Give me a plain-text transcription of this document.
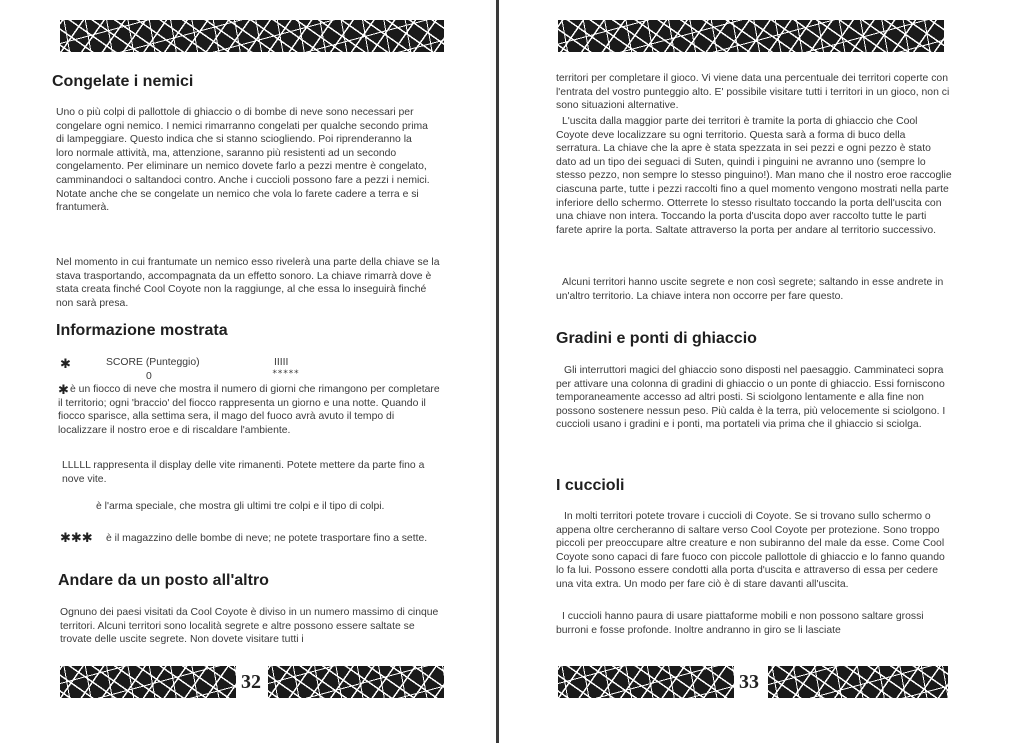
Congelate i nemici

Uno o più colpi di pallottole di ghiaccio o di bombe di neve sono necessari per congelare ogni nemico. I nemici rimarranno congelati per qualche secondo prima di lampeggiare. Questo indica che si stanno sciogliendo. Poi riprenderanno la loro normale attività, ma, attenzione, saranno più resistenti ad un secondo congelamento. Per eliminare un nemico dovete farlo a pezzi mentre è congelato, camminandoci o saltandoci contro. Anche i cuccioli possono fare a pezzi i nemici. Notate anche che se congelate un nemico che vola lo farete cadere a terra e si frantumerà.

Nel momento in cui frantumate un nemico esso rivelerà una parte della chiave se la stava trasportando, accompagnata da un effetto sonoro. La chiave rimarrà dove è stata creata finché Cool Coyote non la raggiunge, al che essa lo inseguirà finché non sarà presa.

Informazione mostrata
✱	SCORE (Punteggio)

0

IIIII

*****

✱ è un fiocco di neve che mostra il numero di giorni che rimangono per completare il territorio; ogni 'braccio' del fiocco rappresenta un giorno e una notte. Quando il fiocco sparisce, alla settima sera, il mago del fuoco avrà avuto il tempo di localizzare il nostro eroe e di riscaldare l'ambiente.

LLLLL rappresenta il display delle vite rimanenti. Potete mettere da parte fino a nove vite.

è l'arma speciale, che mostra gli ultimi tre colpi e il tipo di colpi.

✱✱✱ è il magazzino delle bombe di neve; ne potete trasportare fino a sette.

Andare da un posto all'altro

Ognuno dei paesi visitati da Cool Coyote è diviso in un numero massimo di cinque territori. Alcuni territori sono località segrete e altre possono essere saltate se trovate delle uscite segrete. Non dovete visitare tutti i

32

territori per completare il gioco. Vi viene data una percentuale dei territori coperte con l'entrata del vostro punteggio alto. E' possibile visitare tutti i territori in un gioco, non ci sono situazioni alternative.

L'uscita dalla maggior parte dei territori è tramite la porta di ghiaccio che Cool Coyote deve localizzare su ogni territorio. Questa sarà a forma di buco della serratura. La chiave che la apre è stata spezzata in sei pezzi e ogni pezzo è stato dato ad un tipo dei seguaci di Suten, quindi i pinguini ne avranno uno (sempre lo stesso pezzo, non sempre lo stesso pinguino!). Man mano che il nostro eroe raccoglie ciascuna parte, tutte i pezzi raccolti fino a quel momento vengono mostrati nella parte inferiore dello schermo. Otterrete lo stesso risultato toccando la porta dell'uscita con una chiave non intera. Toccando la porta d'uscita dopo aver raccolto tutte le parti farete aprire la porta. Saltate attraverso la porta per andare al territorio successivo.

Alcuni territori hanno uscite segrete e non così segrete; saltando in esse andrete in un'altro territorio. La chiave intera non occorre per fare questo.

Gradini e ponti di ghiaccio

Gli interruttori magici del ghiaccio sono disposti nel paesaggio. Camminateci sopra per attivare una colonna di gradini di ghiaccio o un ponte di ghiaccio. Essi forniscono temporaneamente accesso ad altri posti. Si sciolgono lentamente e alla fine non possono sostenere nessun peso. Più calda è la terra, più velocemente si sciolgono. I cuccioli usano i gradini e i ponti, ma portateli via prima che il ghiaccio si sciolga.

I cuccioli

In molti territori potete trovare i cuccioli di Coyote. Se si trovano sullo schermo o appena oltre cercheranno di saltare verso Cool Coyote per protezione. Sono troppo piccoli per preoccupare altre creature e non subiranno del male da esse. Come Cool Coyote sono capaci di fare fuoco con piccole pallottole di ghiaccio e lo fanno quando lo fa lui. Possono essere condotti alla porta d'uscita e attraverso di essa per cedere una vita extra. Un modo per fare ciò è di stare davanti all'uscita.

I cuccioli hanno paura di usare piattaforme mobili e non possono saltare grossi burroni e fosse profonde. Inoltre andranno in giro se li lasciate

33
